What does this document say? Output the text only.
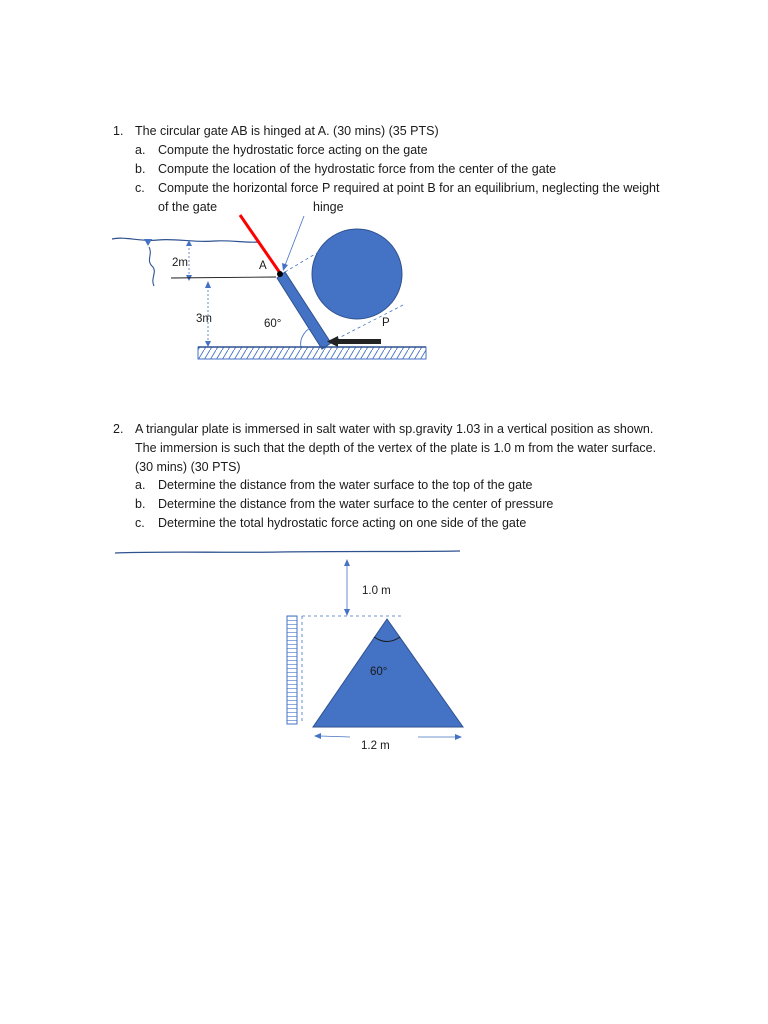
1. The circular gate AB is hinged at A. (30 mins) (35 PTS)
a. Compute the hydrostatic force acting on the gate
b. Compute the location of the hydrostatic force from the center of the gate
c. Compute the horizontal force P required at point B for an equilibrium, neglecting the weight
of the gate	hinge
2m
3m
A
P
60°
2. A triangular plate is immersed in salt water with sp.gravity 1.03 in a vertical position as shown.
The immersion is such that the depth of the vertex of the plate is 1.0 m from the water surface.
(30 mins) (30 PTS)
a. Determine the distance from the water surface to the top of the gate
b. Determine the distance from the water surface to the center of pressure
c. Determine the total hydrostatic force acting on one side of the gate
1.0 m
60°
1.2 m
